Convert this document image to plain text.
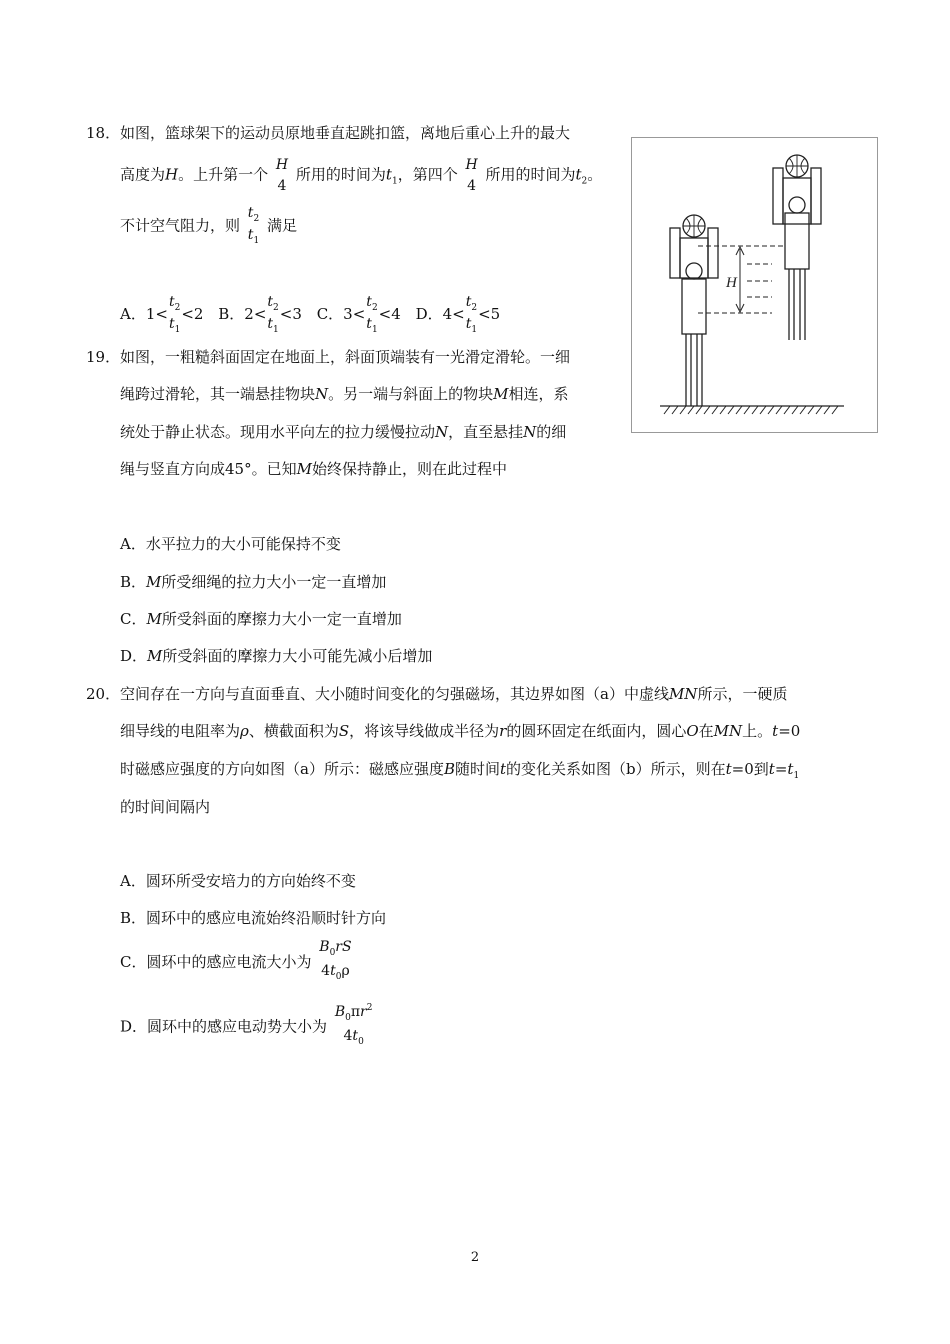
18． 如图，篮球架下的运动员原地垂直起跳扣篮，离地后重心上升的最大
高度为H。上升第一个
H
4
所用的时间为$t_1$，第四个
H
4
所用的时间为$t_2$。
不计空气阻力，则
$t_2$
$t_1$
满足
A．1<
$t_2$
$t_1$
<2 B．2<
$t_2$
$t_1$
<3 C．3<
$t_2$
$t_1$
<4 D．4<
$t_2$
$t_1$
<5
H
19． 如图，一粗糙斜面固定在地面上，斜面顶端装有一光滑定滑轮。一细
绳跨过滑轮，其一端悬挂物块N。另一端与斜面上的物块M相连，系
统处于静止状态。现用水平向左的拉力缓慢拉动N，直至悬挂N的细
绳与竖直方向成45°。已知M始终保持静止，则在此过程中
A．水平拉力的大小可能保持不变
B．M所受细绳的拉力大小一定一直增加
C．M所受斜面的摩擦力大小一定一直增加
D．M所受斜面的摩擦力大小可能先减小后增加
20． 空间存在一方向与直面垂直、大小随时间变化的匀强磁场，其边界如图（a）中虚线MN所示，一硬质
细导线的电阻率为ρ、横截面积为S，将该导线做成半径为r的圆环固定在纸面内，圆心O在MN上。t=0
时磁感应强度的方向如图（a）所示：磁感应强度B随时间t的变化关系如图（b）所示，则在t=0到$t=t_1$
的时间间隔内
A．圆环所受安培力的方向始终不变
B．圆环中的感应电流始终沿顺时针方向
C．圆环中的感应电流大小为
$B_0rS$
$4t_0\rho$
D．圆环中的感应电动势大小为
$B_0\pi r^2$
$4t_0$
2
